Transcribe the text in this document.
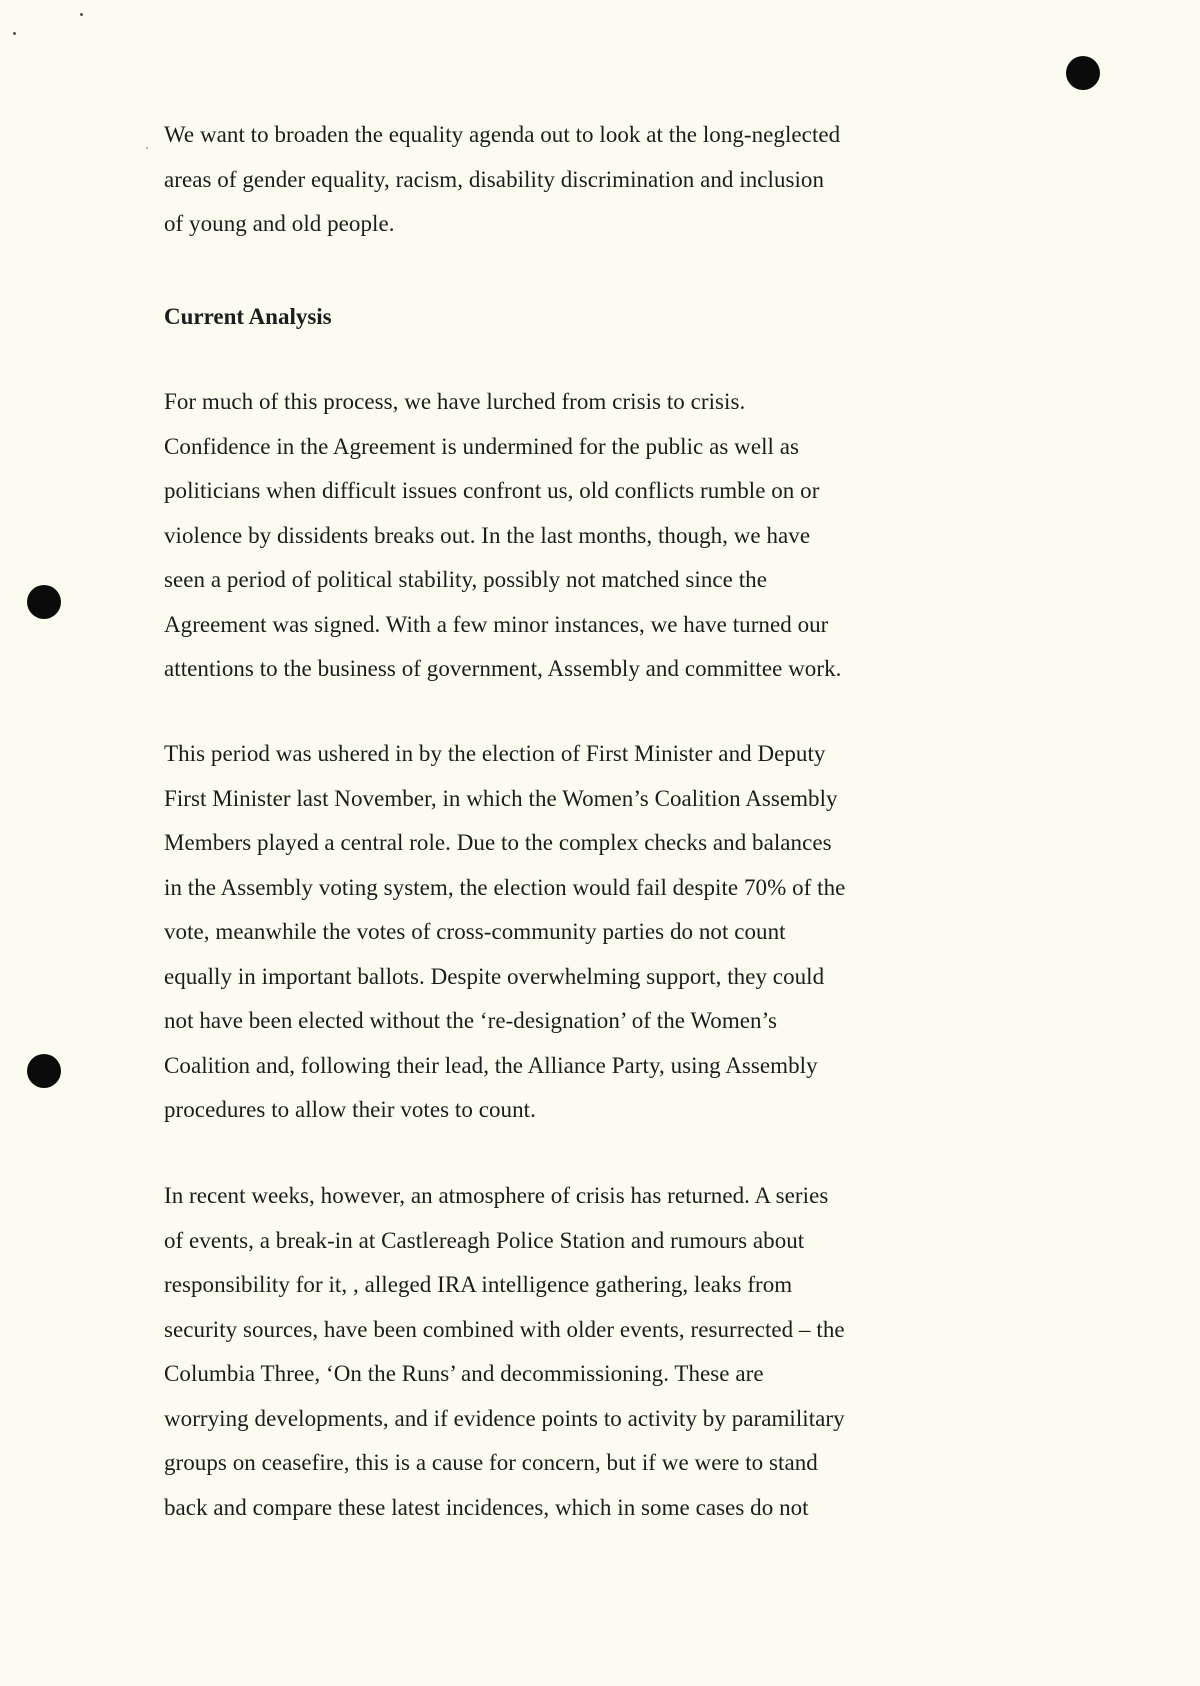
We want to broaden the equality agenda out to look at the long-neglected
areas of gender equality, racism, disability discrimination and inclusion
of young and old people.
Current Analysis
For much of this process, we have lurched from crisis to crisis.
Confidence in the Agreement is undermined for the public as well as
politicians when difficult issues confront us, old conflicts rumble on or
violence by dissidents breaks out. In the last months, though, we have
seen a period of political stability, possibly not matched since the
Agreement was signed. With a few minor instances, we have turned our
attentions to the business of government, Assembly and committee work.
This period was ushered in by the election of First Minister and Deputy
First Minister last November, in which the Women’s Coalition Assembly
Members played a central role. Due to the complex checks and balances
in the Assembly voting system, the election would fail despite 70% of the
vote, meanwhile the votes of cross-community parties do not count
equally in important ballots. Despite overwhelming support, they could
not have been elected without the ‘re-designation’ of the Women’s
Coalition and, following their lead, the Alliance Party, using Assembly
procedures to allow their votes to count.
In recent weeks, however, an atmosphere of crisis has returned. A series
of events, a break-in at Castlereagh Police Station and rumours about
responsibility for it, , alleged IRA intelligence gathering, leaks from
security sources, have been combined with older events, resurrected – the
Columbia Three, ‘On the Runs’ and decommissioning. These are
worrying developments, and if evidence points to activity by paramilitary
groups on ceasefire, this is a cause for concern, but if we were to stand
back and compare these latest incidences, which in some cases do not
